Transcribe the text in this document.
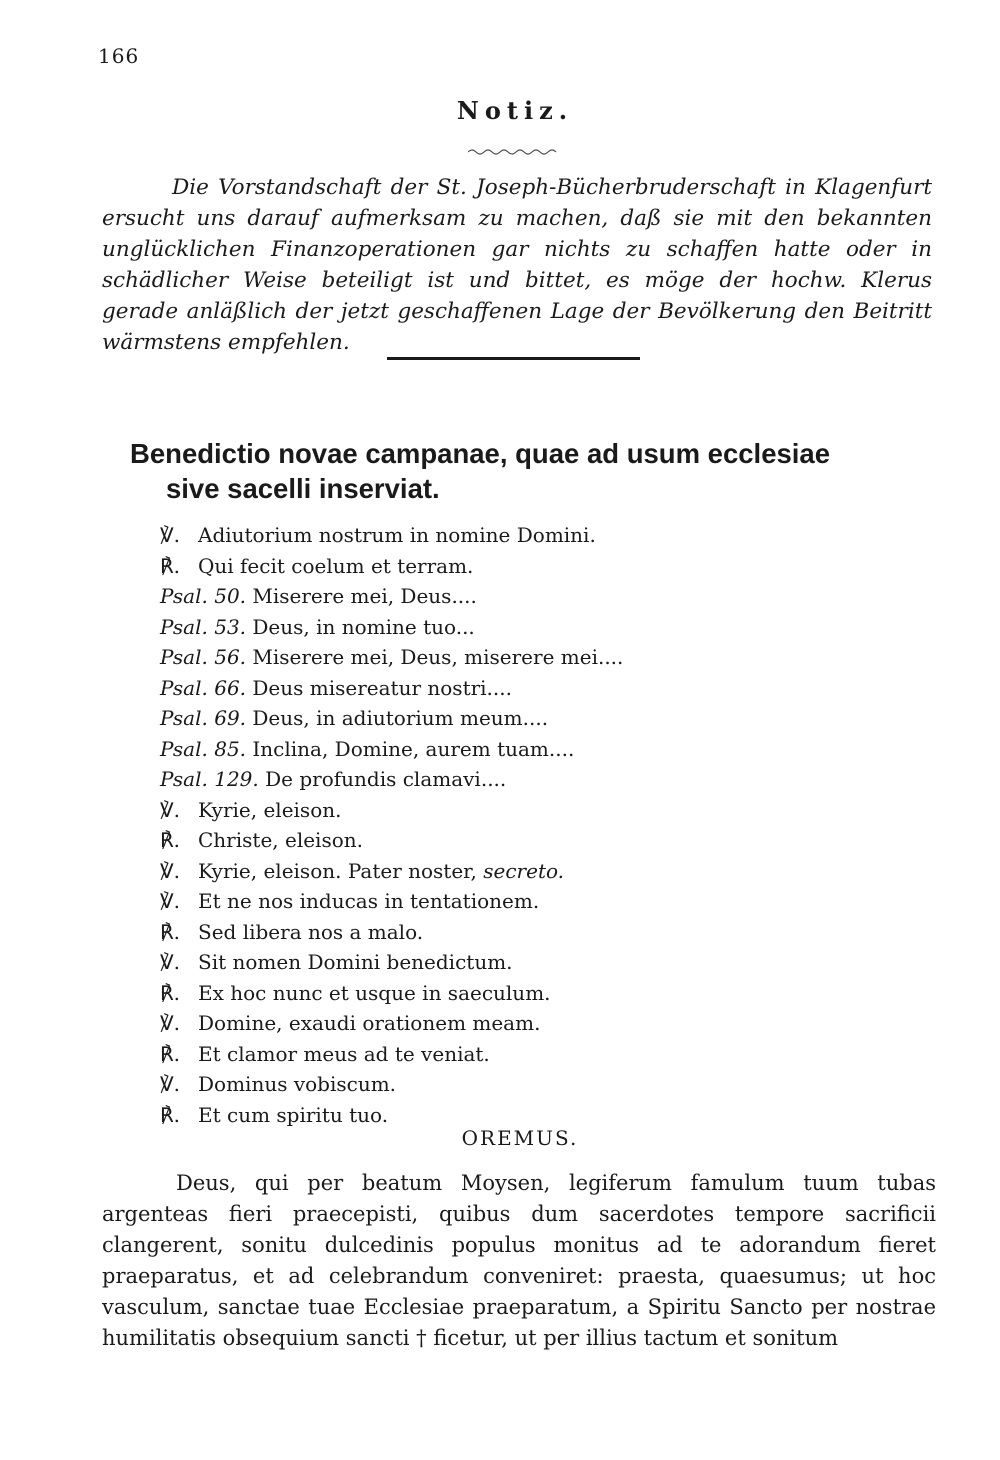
166
Notiz.

Die Vorstandschaft der St. Joseph-Bücherbruderschaft in Klagenfurt ersucht uns darauf aufmerksam zu machen, daß sie mit den bekannten unglücklichen Finanzoperationen gar nichts zu schaffen hatte oder in schädlicher Weise beteiligt ist und bittet, es möge der hochw. Klerus gerade anläßlich der jetzt geschaffenen Lage der Bevölkerung den Beitritt wärmstens empfehlen.

Benedictio novae campanae, quae ad usum ecclesiae
sive sacelli inserviat.
℣. Adiutorium nostrum in nomine Domini.
℟. Qui fecit coelum et terram.
Psal. 50. Miserere mei, Deus....
Psal. 53. Deus, in nomine tuo...
Psal. 56. Miserere mei, Deus, miserere mei....
Psal. 66. Deus misereatur nostri....
Psal. 69. Deus, in adiutorium meum....
Psal. 85. Inclina, Domine, aurem tuam....
Psal. 129. De profundis clamavi....
℣. Kyrie, eleison.
℟. Christe, eleison.
℣. Kyrie, eleison. Pater noster, secreto.
℣. Et ne nos inducas in tentationem.
℟. Sed libera nos a malo.
℣. Sit nomen Domini benedictum.
℟. Ex hoc nunc et usque in saeculum.
℣. Domine, exaudi orationem meam.
℟. Et clamor meus ad te veniat.
℣. Dominus vobiscum.
℟. Et cum spiritu tuo.
OREMUS.

Deus, qui per beatum Moysen, legiferum famulum tuum tubas argenteas fieri praecepisti, quibus dum sacerdotes tempore sacrificii clangerent, sonitu dulcedinis populus monitus ad te adorandum fieret praeparatus, et ad celebrandum conveniret: praesta, quaesumus; ut hoc vasculum, sanctae tuae Ecclesiae praeparatum, a Spiritu Sancto per nostrae humilitatis obsequium sancti † ficetur, ut per illius tactum et sonitum
